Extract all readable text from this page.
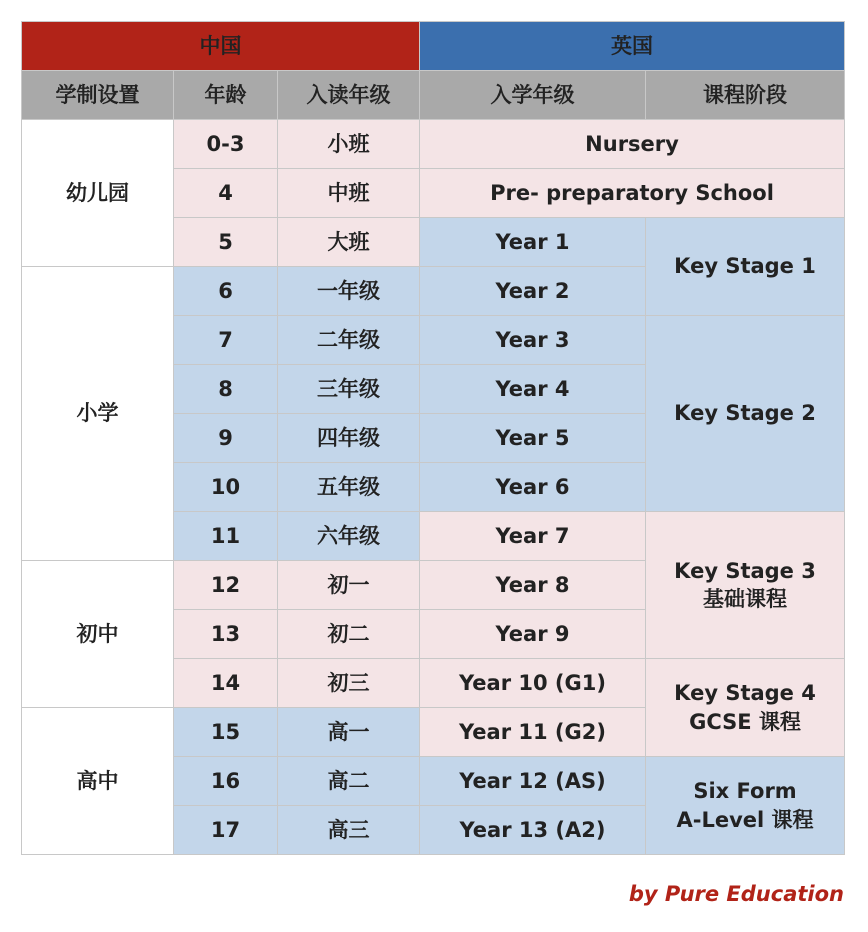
中国			英国	
学制设置	年龄	入读年级	入学年级	课程阶段
幼儿园	0-3	小班	Nursery	
	4	中班	Pre- preparatory School	
	5	大班	Year 1	Key Stage 1
小学	6	一年级	Year 2	
	7	二年级	Year 3	Key Stage 2
	8	三年级	Year 4	
	9	四年级	Year 5	
	10	五年级	Year 6	
	11	六年级	Year 7	Key Stage 3
基础课程

初中	12	初一	Year 8	
	13	初二	Year 9	
	14	初三	Year 10 (G1)	Key Stage 4
GCSE 课程

高中	15	高一	Year 11 (G2)	
	16	高二	Year 12 (AS)	Six Form
A-Level 课程

	17	高三	Year 13 (A2)	
by Pure Education
